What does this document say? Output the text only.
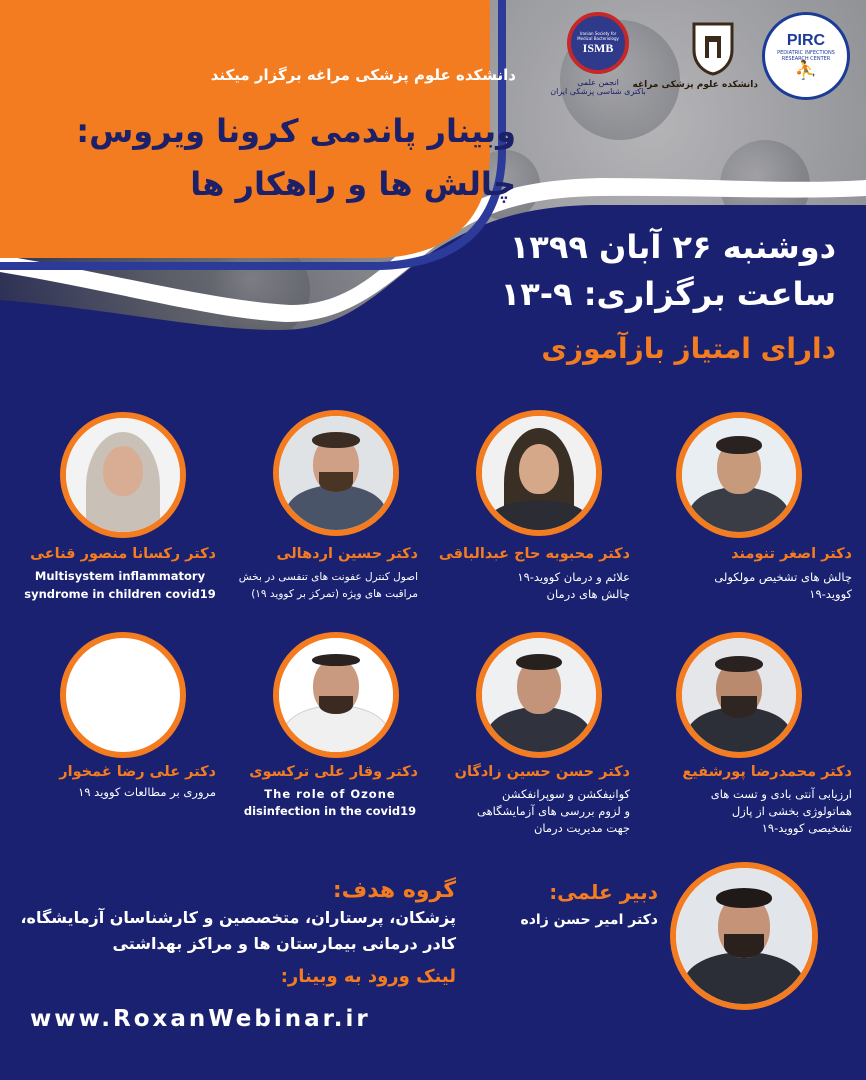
PIRC
PEDIATRIC INFECTIONS RESEARCH CENTER
⛹
دانشکده علوم پزشکی مراغه
Iranian Society for Medical Bacteriology
ISMB
انجمن علمی
باکتری شناسی پزشکی ایران
دانشکده علوم پزشکی مراغه برگزار میکند
وبینار پاندمی کرونا ویروس:
چالش ها و راهکار ها
دوشنبه ۲۶ آبان ۱۳۹۹
ساعت برگزاری: ۹-۱۳
دارای امتیاز بازآموزی
دکتر اصغر تنومند
چالش های تشخیص مولکولی
کووید-۱۹
دکتر محبوبه حاج عبدالباقی
علائم و درمان کووید-۱۹
چالش های درمان
دکتر حسین اردهالی
اصول کنترل عفونت های تنفسی در بخش
مراقبت های ویژه (تمرکز بر کووید ۱۹)
دکتر رکسانا منصور قناعی
Multisystem inflammatory
syndrome in children covid19
دکتر محمدرضا پورشفیع
ارزیابی آنتی بادی و تست های
هماتولوژی بخشی از پازل
تشخیصی کووید-۱۹
دکتر حسن حسین زادگان
کوانیفکشن و سوپرانفکشن
و لزوم بررسی های آزمایشگاهی
جهت مدیریت درمان
دکتر وقار علی ترکسوی
The role of Ozone
disinfection in the covid19
دکتر علی رضا غمخوار
مروری بر مطالعات کووید ۱۹
گروه هدف:
پزشکان، پرستاران، متخصصین و کارشناسان آزمایشگاه،
کادر درمانی بیمارستان ها و مراکز بهداشتی
لینک ورود به وبینار:
www.RoxanWebinar.ir
دبیر علمی:
دکتر امیر حسن زاده
